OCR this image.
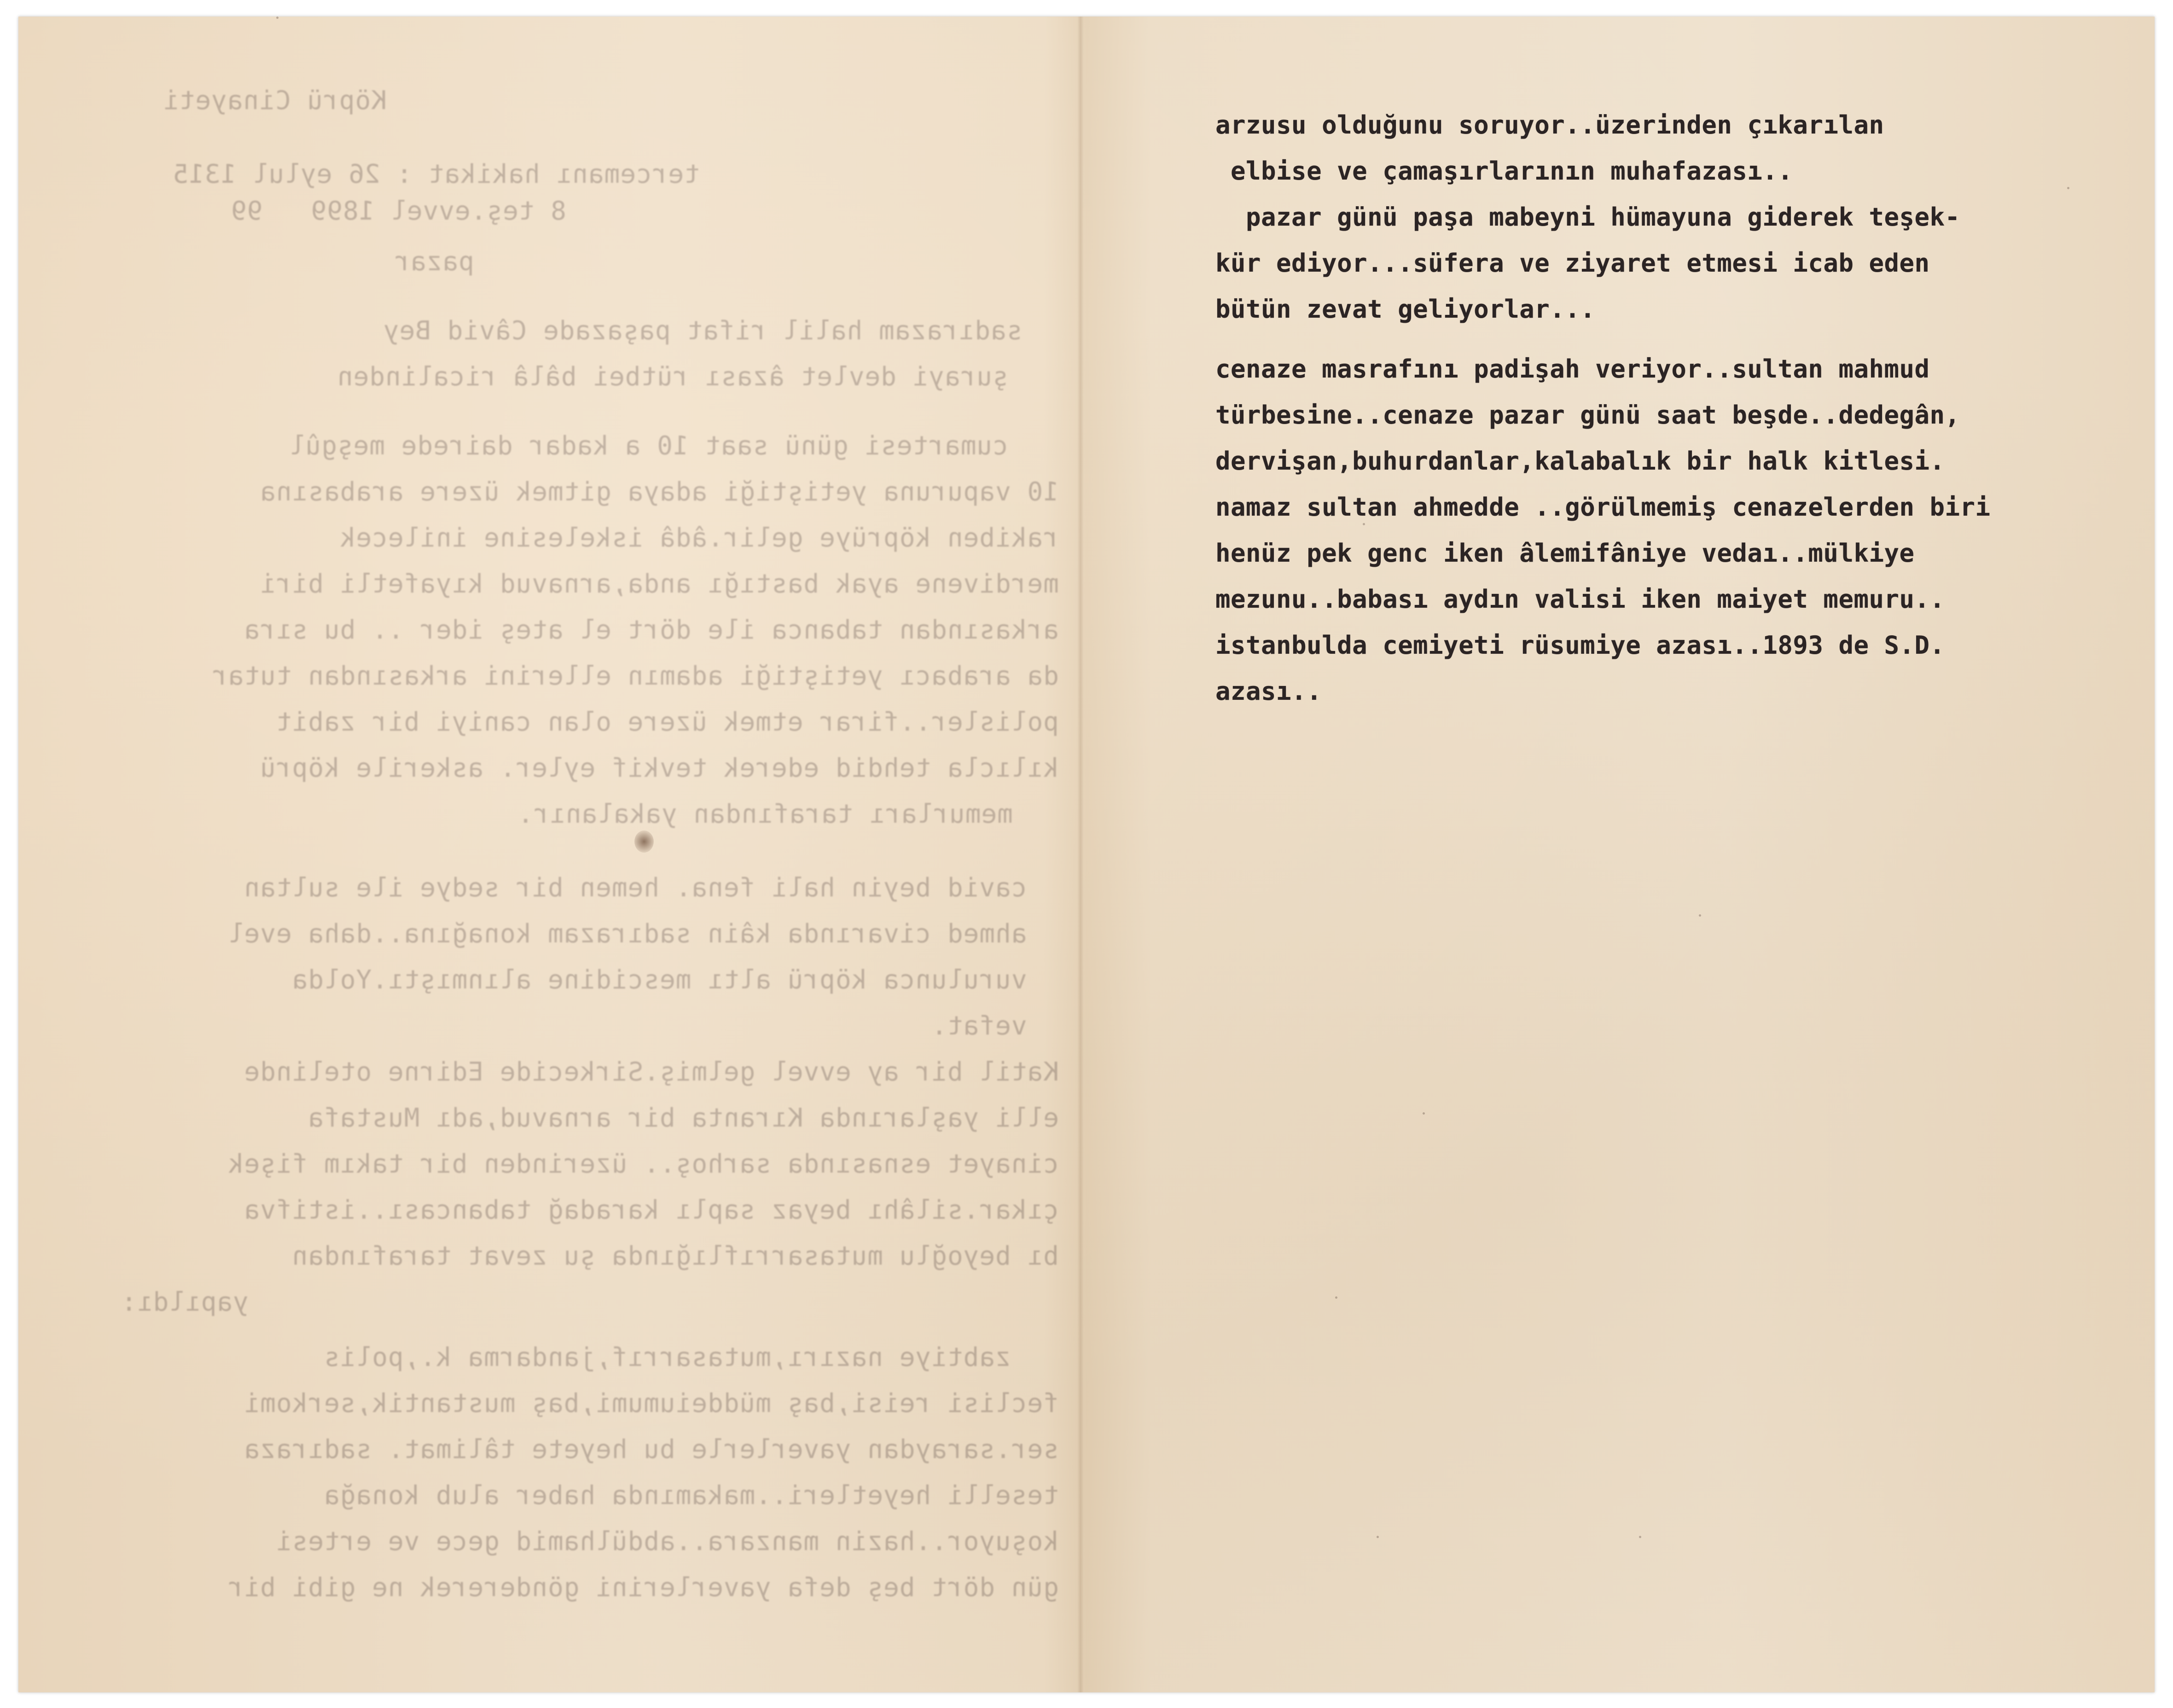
Köprü Cinayeti
tercemanı hakikat : 26 eylul 1315
8 teş.evvel 1899   99
pazar
sadırazam halil rifat paşazade Câvid Bey
şurayi devlet âzası rütbei bâlâ ricalinden
cumartesi günü saat 10 a kadar dairede meşgûl
10 vapuruna yetiştiği adaya gitmek üzere arabasına
rakiben köprüye gelir.âdâ iskelesine inilecek
merdivene ayak bastığı anda,arnavud kıyafetli biri
arkasından tabanca ile dört el ateş ider .. bu sıra
da arabacı yetiştiği adamın ellerini arkasından tutar
polisler..firar etmek üzere olan caniyi bir zabit
kılıcla tehdid ederek tevkif eyler. askerile köprü
memurları tarafından yakalanır.
cavid beyin hali fena. hemen bir sedye ile sultan
ahmed civarında kâin sadırazam konağına..daha evel
vurulunca köprü altı mescidine alınmıştı.Yolda
vefat.
Katil bir ay evvel gelmiş.Sirkecide Edirne otelinde
elli yaşlarında Kıranta bir arnavud,adı Mustafa
cinayet esnasında sarhoş.. üzerinden bir takım fişek
çıkar.silâhı beyaz saplı karadağ tabancası..istifva
bı beyoğlu mutasarrıflığında şu zevat tarafından
yapıldı:
zabtiye nazırı,mutasarrıf,jandarma k.,polis
feclisi reisi,baş müddeiumumi,baş mustantik,serkomi
ser.saraydan yaverlerle bu heyete tâlimat. sadıraza
teselli heyetleri..makamında haber alub konağa
koşuyor..hazin manzara..abdülhamid gece ve ertesi
gün dört beş defa yaverlerini göndererek ne gibi bir
arzusu olduğunu soruyor..üzerinden çıkarılan
elbise ve çamaşırlarının muhafazası..
pazar günü paşa mabeyni hümayuna giderek teşek-
kür ediyor...süfera ve ziyaret etmesi icab eden
bütün zevat geliyorlar...
cenaze masrafını padişah veriyor..sultan mahmud
türbesine..cenaze pazar günü saat beşde..dedegân,
dervişan,buhurdanlar,kalabalık bir halk kitlesi.
namaz sultan ahmedde ..görülmemiş cenazelerden biri
henüz pek genc iken âlemifâniye vedaı..mülkiye
mezunu..babası aydın valisi iken maiyet memuru..
istanbulda cemiyeti rüsumiye azası..1893 de S.D.
azası..
